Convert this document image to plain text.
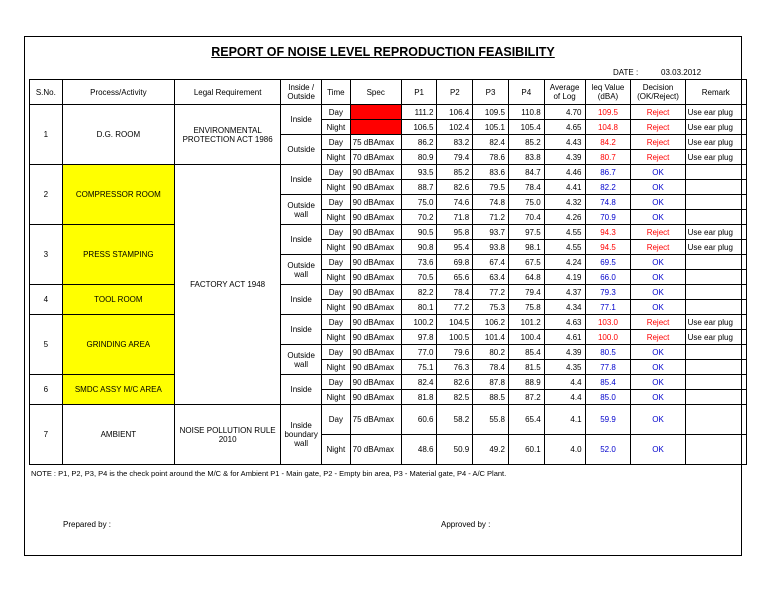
REPORT OF NOISE LEVEL REPRODUCTION FEASIBILITY
DATE :	03.03.2012
S.No.	Process/Activity	Legal Requirement	Inside / Outside	Time	Spec	P1	P2	P3	P4	Average of Log	leq Value (dBA)	Decision (OK/Reject)	Remark
1	D.G. ROOM	ENVIRONMENTAL PROTECTION ACT 1986	Inside	Day		111.2	106.4	109.5	110.8	4.70	109.5	Reject	Use ear plug
				Night		106.5	102.4	105.1	105.4	4.65	104.8	Reject	Use ear plug
			Outside	Day	75 dBAmax	86.2	83.2	82.4	85.2	4.43	84.2	Reject	Use ear plug
				Night	70 dBAmax	80.9	79.4	78.6	83.8	4.39	80.7	Reject	Use ear plug
2	COMPRESSOR ROOM	FACTORY ACT 1948	Inside	Day	90 dBAmax	93.5	85.2	83.6	84.7	4.46	86.7	OK	
				Night	90 dBAmax	88.7	82.6	79.5	78.4	4.41	82.2	OK	
			Outside wall	Day	90 dBAmax	75.0	74.6	74.8	75.0	4.32	74.8	OK	
				Night	90 dBAmax	70.2	71.8	71.2	70.4	4.26	70.9	OK	
3	PRESS STAMPING		Inside	Day	90 dBAmax	90.5	95.8	93.7	97.5	4.55	94.3	Reject	Use ear plug
				Night	90 dBAmax	90.8	95.4	93.8	98.1	4.55	94.5	Reject	Use ear plug
			Outside wall	Day	90 dBAmax	73.6	69.8	67.4	67.5	4.24	69.5	OK	
				Night	90 dBAmax	70.5	65.6	63.4	64.8	4.19	66.0	OK	
4	TOOL ROOM		Inside	Day	90 dBAmax	82.2	78.4	77.2	79.4	4.37	79.3	OK	
				Night	90 dBAmax	80.1	77.2	75.3	75.8	4.34	77.1	OK	
5	GRINDING AREA		Inside	Day	90 dBAmax	100.2	104.5	106.2	101.2	4.63	103.0	Reject	Use ear plug
				Night	90 dBAmax	97.8	100.5	101.4	100.4	4.61	100.0	Reject	Use ear plug
			Outside wall	Day	90 dBAmax	77.0	79.6	80.2	85.4	4.39	80.5	OK	
				Night	90 dBAmax	75.1	76.3	78.4	81.5	4.35	77.8	OK	
6	SMDC ASSY M/C AREA		Inside	Day	90 dBAmax	82.4	82.6	87.8	88.9	4.4	85.4	OK	
				Night	90 dBAmax	81.8	82.5	88.5	87.2	4.4	85.0	OK	
7	AMBIENT	NOISE POLLUTION RULE 2010	Inside boundary wall	Day	75 dBAmax	60.6	58.2	55.8	65.4	4.1	59.9	OK	
				Night	70 dBAmax	48.6	50.9	49.2	60.1	4.0	52.0	OK	
NOTE : P1, P2, P3, P4 is the check point around the M/C & for Ambient P1 - Main gate, P2 - Empty bin area, P3 - Material gate, P4 - A/C Plant.
Prepared by :	Approved by :
